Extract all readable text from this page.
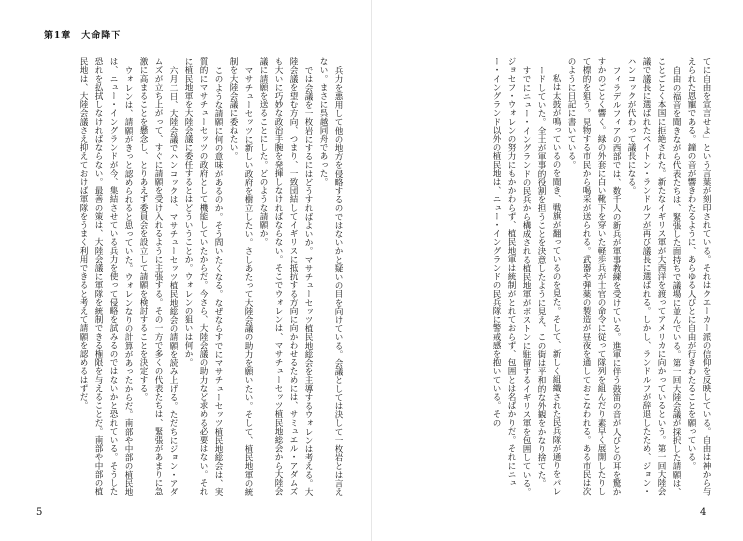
第1章　大命降下

兵力を悪用して他の地方を侵略するのではないかと疑いの目を向けている。会議としては決して一枚岩とは言えない。まさに呉越同舟であった。

では会議を一枚岩にするにはどうすればよいか。マサチューセッツ植民地総会を主導するウォレンは考える。大陸会議を望む方向、つまり、一致団結してイギリスに抵抗する方向に向かわせるためには、サミュエル・アダムズも大いに巧妙な政治手腕を発揮しなければならない。そこでウォレンは、マサチューセッツ植民地総会から大陸会議に請願を送ることにした。どのような請願か。

マサチューセッツに新しい政府を樹立したい。さしあたって大陸会議の助力を願いたい。そして、植民地軍の統制を大陸会議に委ねたい。

このような請願に何の意味があるのか。そう問いたくなる。なぜならすでにマサチューセッツ植民地総会は、実質的にマサチューセッツの政府として機能していたからだ。今さら、大陸会議の助力など求める必要はない。それに植民地軍を大陸会議に委任するとはどういうことか。ウォレンの狙いは何か。

六月二日、大陸会議でハンコックは、マサチューセッツ植民地総会の請願を読み上げる。ただちにジョン・アダムズが立ち上がって、すぐに請願を受け入れるように主張する。その一方で多くの代表たちは、緊張があまりに急激に高まることを懸念し、とりあえず委員会を設立して請願を検討することを決定する。

ウォレンは、請願がきっと認められると思っていた。ウォレンなりの計算があったからだ。南部や中部の植民地は、ニュー・イングランドが今、集結させている兵力を使って侵略を試みるのではないかと恐れている。そうした恐れを払拭しなければならない。最善の策は、大陸会議に軍隊を統制できる権限を与えることだ。南部や中部の植民地は、大陸会議さえ抑えておけば軍隊をうまく利用できると考えて請願を認めるはずだ。

5

てに自由を宣言せよ」という言葉が刻印されている。それはクエーカー派の信仰を反映している。自由は神から与えられた恩寵である。鐘の音が響きわたるように、あらゆる人びとに自由が行きわたることを願っている。

自由の福音を聞きながら代表たちは、緊張した面持ちで議場に並んでいる。第一回大陸会議が採択した請願は、ことごとく本国に拒絶された。新たなイギリス軍が大西洋を渡ってアメリカに向かっているという。第一回大陸会議で議長に選ばれたペイトン・ランドルフが再び議長に選ばれる。しかし、ランドルフが辞退したため、ジョン・ハンコックが代わって議長になる。

フィラデルフィアの西部では、数千人の新兵が軍事教練を受けている。進軍に伴う鼓笛の音が人びとの耳を驚かすかのごとく響く。緑の外套に白い靴下を穿いた軽歩兵が士官の命令に従って隊列を組んだり素早く展開したりして標的を狙う。見物する市民から喝采が送られる。武器や弾薬の製造が昼夜を通しておこなわれる。ある市民は次のように日記に書いている。

私は太鼓が鳴っているのを聞き、戦旗が翻っているのを見た。そして、新しく組織された民兵隊が通りをパレードしていた。全土が軍事的役割を担うことを決意したように見え、この街は平和的な外観をかなり捨てた。

すでにニュー・イングランドの民兵から構成される植民地軍がボストンに駐留するイギリス軍を包囲している。ジョセフ・ウォレンの努力にもかかわらず、植民地軍は統制がとれておらず、包囲とは名ばかりだ。それにニュー・イングランド以外の植民地は、ニュー・イングランドの民兵隊に警戒感を抱いている。その

4
